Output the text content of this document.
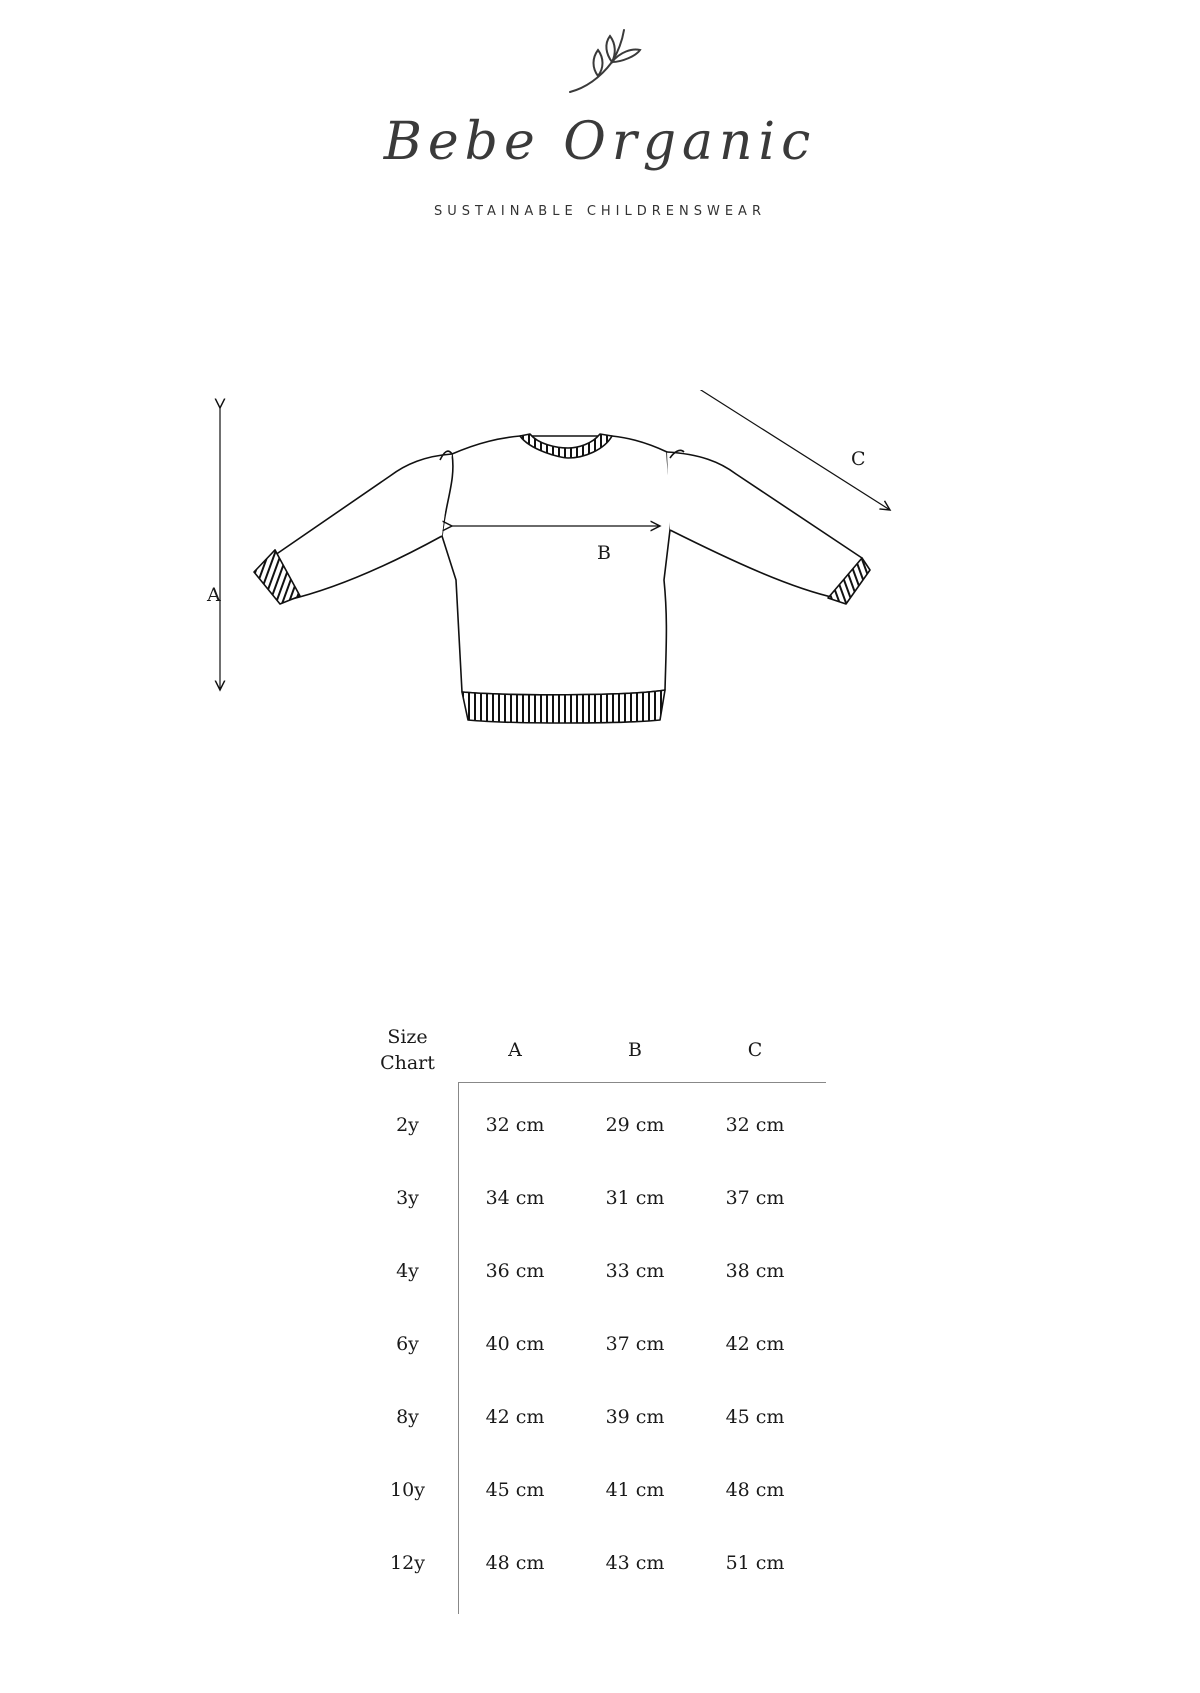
Bebe Organic
SUSTAINABLE CHILDRENSWEAR
A
B
C
Size
Chart	A	B	C
2y	32 cm	29 cm	32 cm
3y	34 cm	31 cm	37 cm
4y	36 cm	33 cm	38 cm
6y	40 cm	37 cm	42 cm
8y	42 cm	39 cm	45 cm
10y	45 cm	41 cm	48 cm
12y	48 cm	43 cm	51 cm
